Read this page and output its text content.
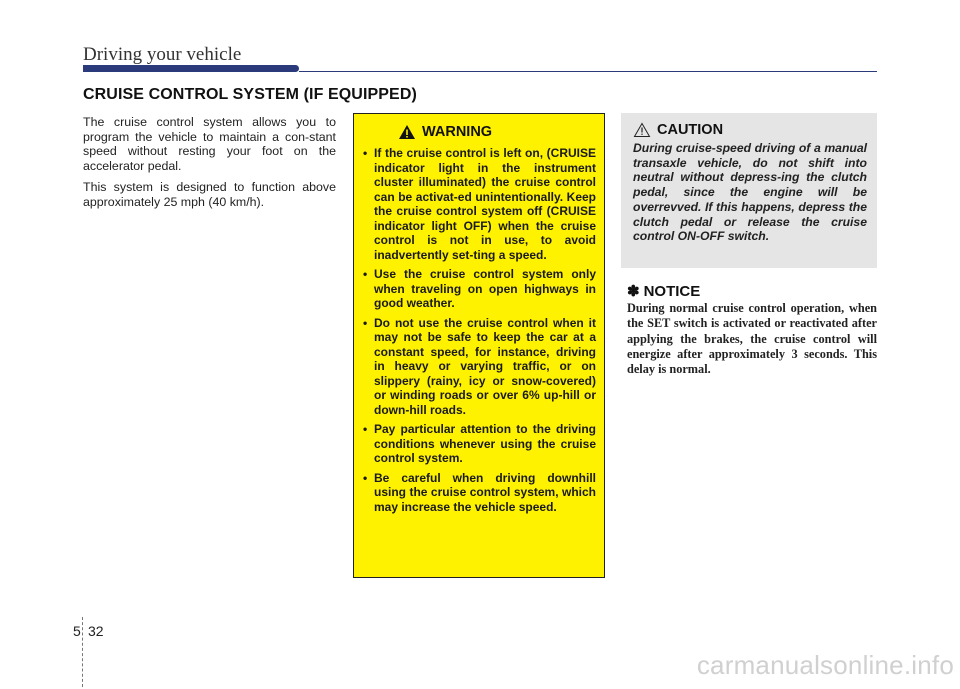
Driving your vehicle
CRUISE CONTROL SYSTEM (IF EQUIPPED)

The cruise control system allows you to program the vehicle to maintain a con-stant speed without resting your foot on the accelerator pedal.

This system is designed to function above approximately 25 mph (40 km/h).

WARNING
• If the cruise control is left on, (CRUISE indicator light in the instrument cluster illuminated) the cruise control can be activat-ed unintentionally. Keep the cruise control system off (CRUISE indicator light OFF) when the cruise control is not in use, to avoid inadvertently set-ting a speed.
• Use the cruise control system only when traveling on open highways in good weather.
• Do not use the cruise control when it may not be safe to keep the car at a constant speed, for instance, driving in heavy or varying traffic, or on slippery (rainy, icy or snow-covered) or winding roads or over 6% up-hill or down-hill roads.
• Pay particular attention to the driving conditions whenever using the cruise control system.
• Be careful when driving downhill using the cruise control system, which may increase the vehicle speed.
CAUTION

During cruise-speed driving of a manual transaxle vehicle, do not shift into neutral without depress-ing the clutch pedal, since the engine will be overrevved. If this happens, depress the clutch pedal or release the cruise control ON-OFF switch.

✽ NOTICE
During normal cruise control operation, when the SET switch is activated or reactivated after applying the brakes, the cruise control will energize after approximately 3 seconds. This delay is normal.
5 32
carmanualsonline.info
